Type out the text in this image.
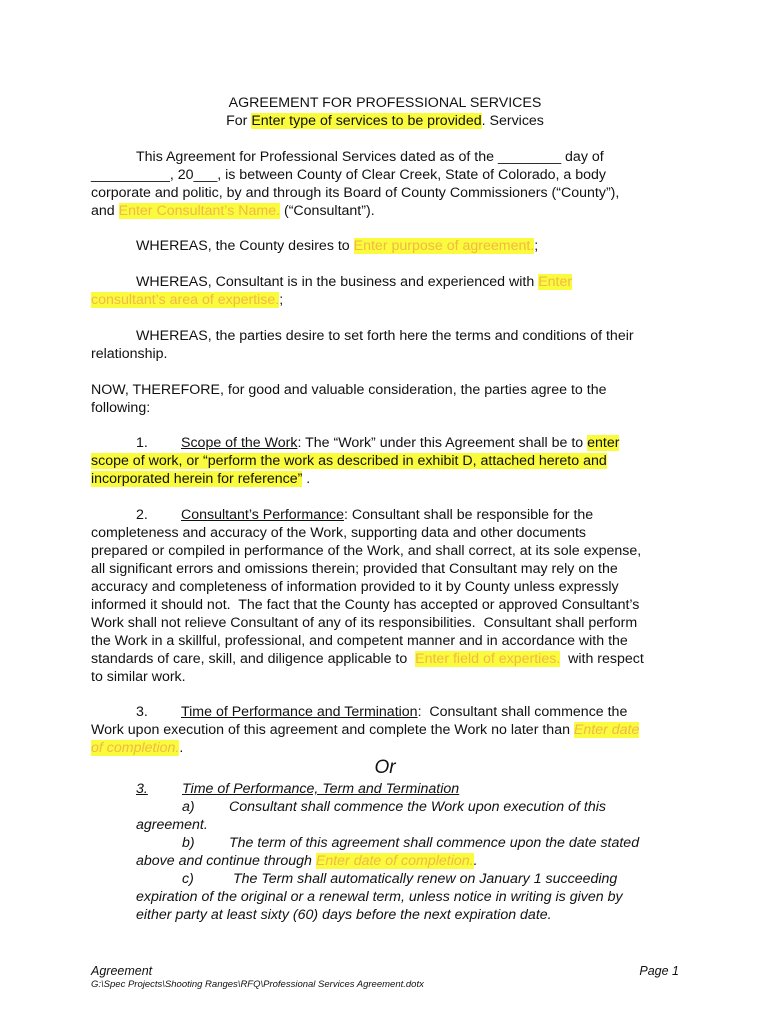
AGREEMENT FOR PROFESSIONAL SERVICES
For Enter type of services to be provided. Services
This Agreement for Professional Services dated as of the ________ day of
__________, 20___, is between County of Clear Creek, State of Colorado, a body
corporate and politic, by and through its Board of County Commissioners (“County”),
and Enter Consultant’s Name. (“Consultant”).
WHEREAS, the County desires to Enter purpose of agreement.;
WHEREAS, Consultant is in the business and experienced with Enter
consultant’s area of expertise.;
WHEREAS, the parties desire to set forth here the terms and conditions of their
relationship.
NOW, THEREFORE, for good and valuable consideration, the parties agree to the
following:
1. Scope of the Work: The “Work” under this Agreement shall be to enter
scope of work, or “perform the work as described in exhibit D, attached hereto and
incorporated herein for reference” .
2. Consultant’s Performance: Consultant shall be responsible for the
completeness and accuracy of the Work, supporting data and other documents
prepared or compiled in performance of the Work, and shall correct, at its sole expense,
all significant errors and omissions therein; provided that Consultant may rely on the
accuracy and completeness of information provided to it by County unless expressly
informed it should not.  The fact that the County has accepted or approved Consultant’s
Work shall not relieve Consultant of any of its responsibilities.  Consultant shall perform
the Work in a skillful, professional, and competent manner and in accordance with the
standards of care, skill, and diligence applicable to  Enter field of experties.  with respect
to similar work.
3. Time of Performance and Termination:  Consultant shall commence the
Work upon execution of this agreement and complete the Work no later than Enter date
of completion..
Or
3. Time of Performance, Term and Termination
a) Consultant shall commence the Work upon execution of this
agreement.
b) The term of this agreement shall commence upon the date stated
above and continue through Enter date of completion..
c)	The Term shall automatically renew on January 1 succeeding
expiration of the original or a renewal term, unless notice in writing is given by
either party at least sixty (60) days before the next expiration date.
Agreement	Page 1
G:\Spec Projects\Shooting Ranges\RFQ\Professional Services Agreement.dotx
